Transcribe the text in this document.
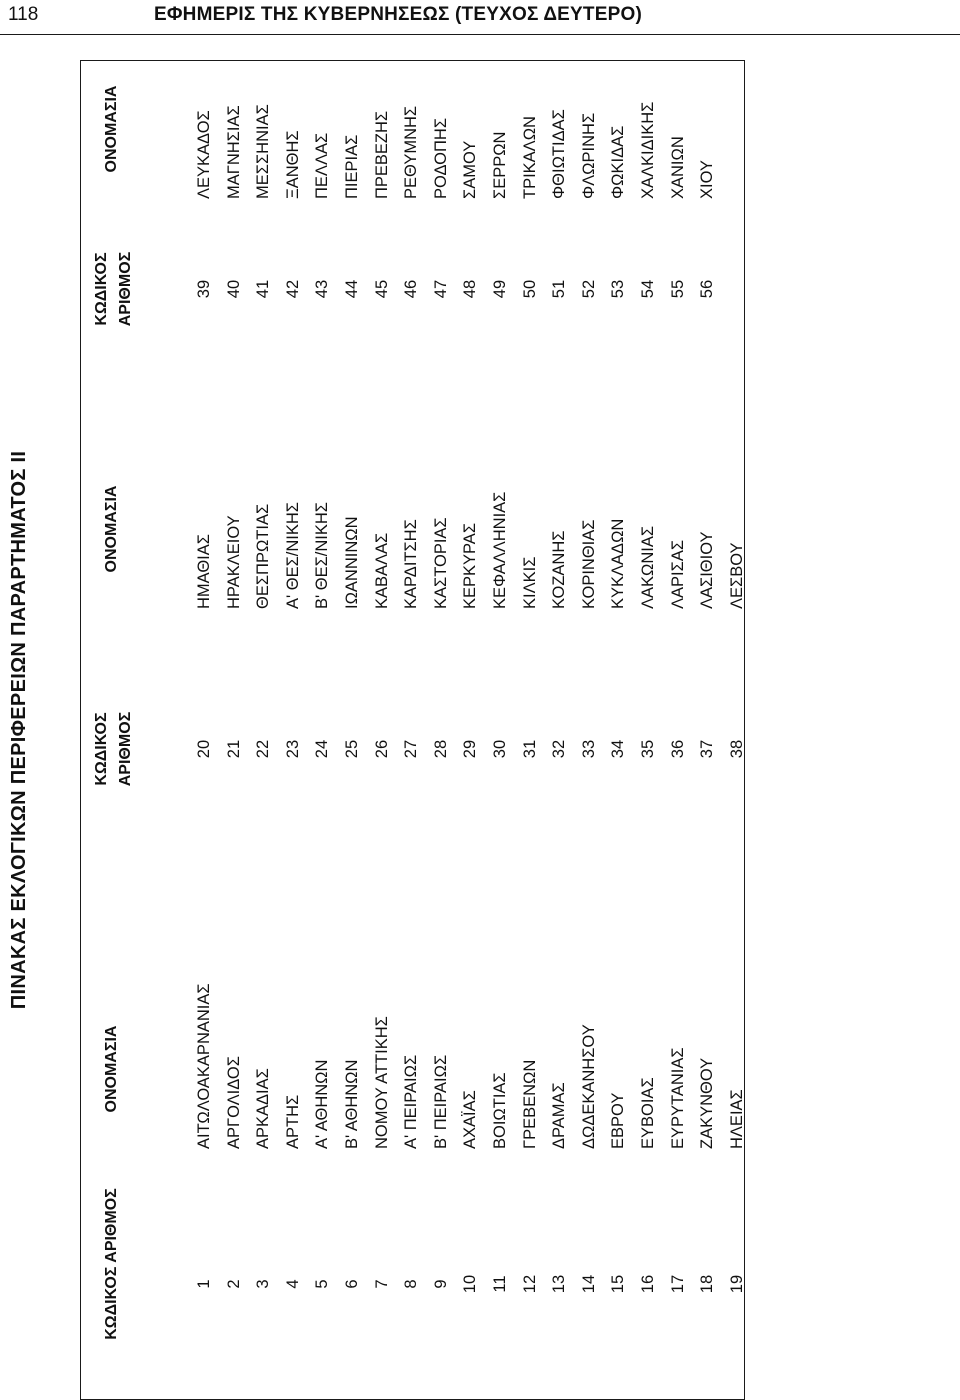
118	ΕΦΗΜΕΡΙΣ ΤΗΣ ΚΥΒΕΡΝΗΣΕΩΣ (ΤΕΥΧΟΣ ΔΕΥΤΕΡΟ)
ΠΙΝΑΚΑΣ ΕΚΛΟΓΙΚΩΝ ΠΕΡΙΦΕΡΕΙΩΝ ΠΑΡΑΡΤΗΜΑΤΟΣ ΙΙ
ΚΩΔΙΚΟΣ ΑΡΙΘΜΟΣ
ΟΝΟΜΑΣΙΑ
ΚΩΔΙΚΟΣ ΑΡΙΘΜΟΣ
ΟΝΟΜΑΣΙΑ
ΚΩΔΙΚΟΣ ΑΡΙΘΜΟΣ
ΟΝΟΜΑΣΙΑ
1
ΑΙΤΩΛΟΑΚΑΡΝΑΝΙΑΣ
2
ΑΡΓΟΛΙΔΟΣ
3
ΑΡΚΑΔΙΑΣ
4
ΑΡΤΗΣ
5
Α' ΑΘΗΝΩΝ
6
Β' ΑΘΗΝΩΝ
7
ΝΟΜΟΥ ΑΤΤΙΚΗΣ
8
Α' ΠΕΙΡΑΙΩΣ
9
Β' ΠΕΙΡΑΙΩΣ
10
ΑΧΑΪΑΣ
11
ΒΟΙΩΤΙΑΣ
12
ΓΡΕΒΕΝΩΝ
13
ΔΡΑΜΑΣ
14
ΔΩΔΕΚΑΝΗΣΟΥ
15
ΕΒΡΟΥ
16
ΕΥΒΟΙΑΣ
17
ΕΥΡΥΤΑΝΙΑΣ
18
ΖΑΚΥΝΘΟΥ
19
ΗΛΕΙΑΣ
20
ΗΜΑΘΙΑΣ
21
ΗΡΑΚΛΕΙΟΥ
22
ΘΕΣΠΡΩΤΙΑΣ
23
Α' ΘΕΣ/ΝΙΚΗΣ
24
Β' ΘΕΣ/ΝΙΚΗΣ
25
ΙΩΑΝΝΙΝΩΝ
26
ΚΑΒΑΛΑΣ
27
ΚΑΡΔΙΤΣΗΣ
28
ΚΑΣΤΟΡΙΑΣ
29
ΚΕΡΚΥΡΑΣ
30
ΚΕΦΑΛΛΗΝΙΑΣ
31
ΚΙΛΚΙΣ
32
ΚΟΖΑΝΗΣ
33
ΚΟΡΙΝΘΙΑΣ
34
ΚΥΚΛΑΔΩΝ
35
ΛΑΚΩΝΙΑΣ
36
ΛΑΡΙΣΑΣ
37
ΛΑΣΙΘΙΟΥ
38
ΛΕΣΒΟΥ
39
ΛΕΥΚΑΔΟΣ
40
ΜΑΓΝΗΣΙΑΣ
41
ΜΕΣΣΗΝΙΑΣ
42
ΞΑΝΘΗΣ
43
ΠΕΛΛΑΣ
44
ΠΙΕΡΙΑΣ
45
ΠΡΕΒΕΖΗΣ
46
ΡΕΘΥΜΝΗΣ
47
ΡΟΔΟΠΗΣ
48
ΣΑΜΟΥ
49
ΣΕΡΡΩΝ
50
ΤΡΙΚΑΛΩΝ
51
ΦΘΙΩΤΙΔΑΣ
52
ΦΛΩΡΙΝΗΣ
53
ΦΩΚΙΔΑΣ
54
ΧΑΛΚΙΔΙΚΗΣ
55
ΧΑΝΙΩΝ
56
ΧΙΟΥ
